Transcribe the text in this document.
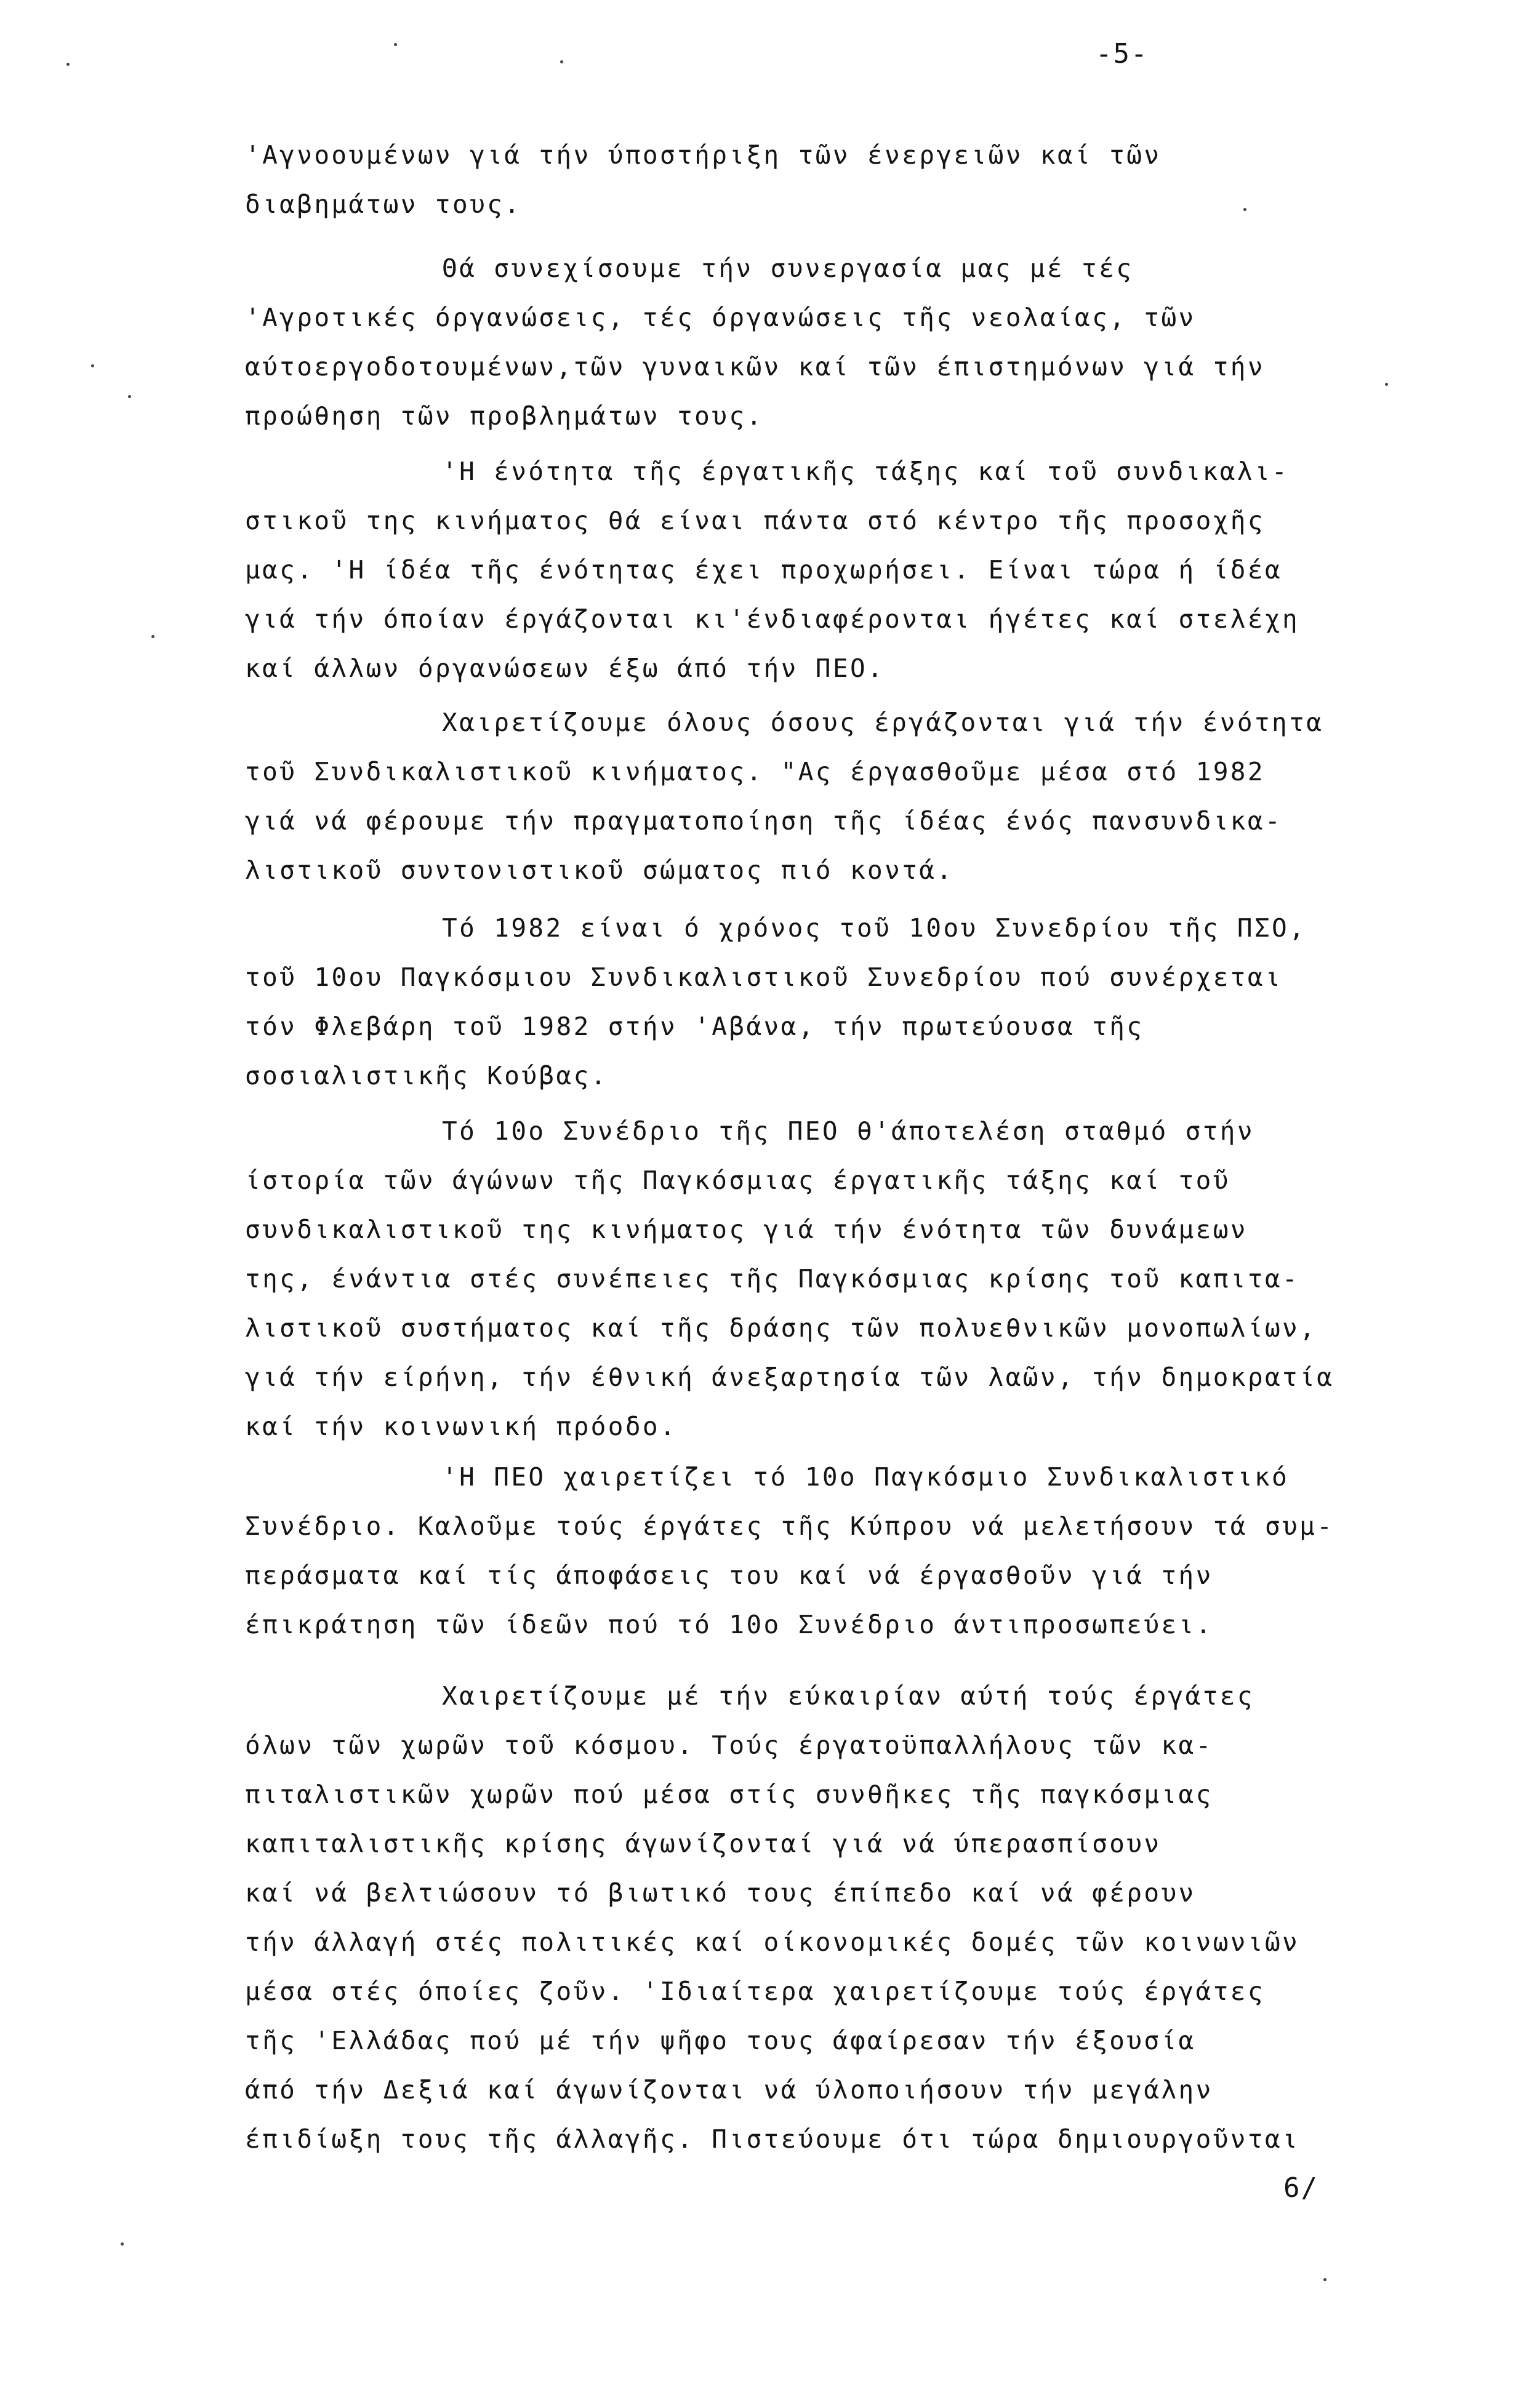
-5-
'Αγνοουμένων γιά τήν ύποστήριξη τῶν ένεργειῶν καί τῶν
διαβημάτων τους.
Θά συνεχίσουμε τήν συνεργασία μας μέ τές
'Αγροτικές όργανώσεις, τές όργανώσεις τῆς νεολαίας, τῶν
αύτοεργοδοτουμένων,τῶν γυναικῶν καί τῶν έπιστημόνων γιά τήν
προώθηση τῶν προβλημάτων τους.
'Η ένότητα τῆς έργατικῆς τάξης καί τοῦ συνδικαλι-
στικοῦ της κινήματος θά είναι πάντα στό κέντρο τῆς προσοχῆς
μας. 'Η ίδέα τῆς ένότητας έχει προχωρήσει. Είναι τώρα ή ίδέα
γιά τήν όποίαν έργάζονται κι'ένδιαφέρονται ήγέτες καί στελέχη
καί άλλων όργανώσεων έξω άπό τήν ΠΕΟ.
Χαιρετίζουμε όλους όσους έργάζονται γιά τήν ένότητα
τοῦ Συνδικαλιστικοῦ κινήματος. "Ας έργασθοῦμε μέσα στό 1982
γιά νά φέρουμε τήν πραγματοποίηση τῆς ίδέας ένός πανσυνδικα-
λιστικοῦ συντονιστικοῦ σώματος πιό κοντά.
Τό 1982 είναι ό χρόνος τοῦ 10ου Συνεδρίου τῆς ΠΣΟ,
τοῦ 10ου Παγκόσμιου Συνδικαλιστικοῦ Συνεδρίου πού συνέρχεται
τόν Φλεβάρη τοῦ 1982 στήν 'Αβάνα, τήν πρωτεύουσα τῆς
σοσιαλιστικῆς Κούβας.
Τό 10ο Συνέδριο τῆς ΠΕΟ θ'άποτελέση σταθμό στήν
ίστορία τῶν άγώνων τῆς Παγκόσμιας έργατικῆς τάξης καί τοῦ
συνδικαλιστικοῦ της κινήματος γιά τήν ένότητα τῶν δυνάμεων
της, ένάντια στές συνέπειες τῆς Παγκόσμιας κρίσης τοῦ καπιτα-
λιστικοῦ συστήματος καί τῆς δράσης τῶν πολυεθνικῶν μονοπωλίων,
γιά τήν είρήνη, τήν έθνική άνεξαρτησία τῶν λαῶν, τήν δημοκρατία
καί τήν κοινωνική πρόοδο.
'Η ΠΕΟ χαιρετίζει τό 10ο Παγκόσμιο Συνδικαλιστικό
Συνέδριο. Καλοῦμε τούς έργάτες τῆς Κύπρου νά μελετήσουν τά συμ-
περάσματα καί τίς άποφάσεις του καί νά έργασθοῦν γιά τήν
έπικράτηση τῶν ίδεῶν πού τό 10ο Συνέδριο άντιπροσωπεύει.
Χαιρετίζουμε μέ τήν εύκαιρίαν αύτή τούς έργάτες
όλων τῶν χωρῶν τοῦ κόσμου. Τούς έργατοϋπαλλήλους τῶν κα-
πιταλιστικῶν χωρῶν πού μέσα στίς συνθῆκες τῆς παγκόσμιας
καπιταλιστικῆς κρίσης άγωνίζονταί γιά νά ύπερασπίσουν
καί νά βελτιώσουν τό βιωτικό τους έπίπεδο καί νά φέρουν
τήν άλλαγή στές πολιτικές καί οίκονομικές δομές τῶν κοινωνιῶν
μέσα στές όποίες ζοῦν. 'Ιδιαίτερα χαιρετίζουμε τούς έργάτες
τῆς 'Ελλάδας πού μέ τήν ψῆφο τους άφαίρεσαν τήν έξουσία
άπό τήν Δεξιά καί άγωνίζονται νά ύλοποιήσουν τήν μεγάλην
έπιδίωξη τους τῆς άλλαγῆς. Πιστεύουμε ότι τώρα δημιουργοῦνται
6/
